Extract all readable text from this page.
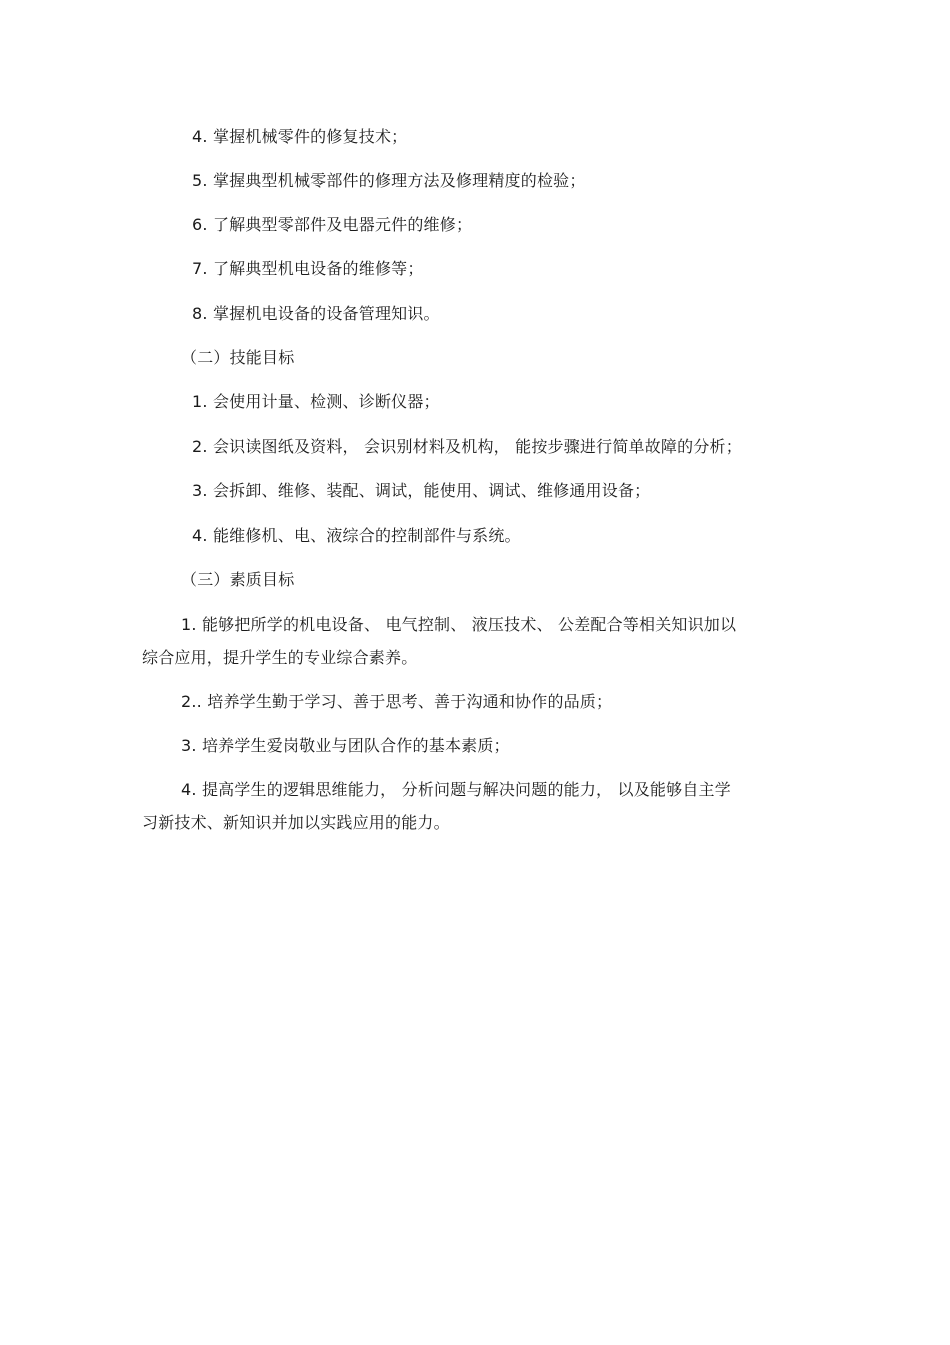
4. 掌握机械零件的修复技术；
5. 掌握典型机械零部件的修理方法及修理精度的检验；
6. 了解典型零部件及电器元件的维修；
7. 了解典型机电设备的维修等；
8. 掌握机电设备的设备管理知识。
（二）技能目标
1. 会使用计量、检测、诊断仪器；
2. 会识读图纸及资料， 会识别材料及机构， 能按步骤进行简单故障的分析；
3. 会拆卸、维修、装配、调试，能使用、调试、维修通用设备；
4. 能维修机、电、液综合的控制部件与系统。
（三）素质目标
1. 能够把所学的机电设备、 电气控制、 液压技术、 公差配合等相关知识加以
综合应用，提升学生的专业综合素养。
2.. 培养学生勤于学习、善于思考、善于沟通和协作的品质；
3. 培养学生爱岗敬业与团队合作的基本素质；
4. 提高学生的逻辑思维能力， 分析问题与解决问题的能力， 以及能够自主学
习新技术、新知识并加以实践应用的能力。
